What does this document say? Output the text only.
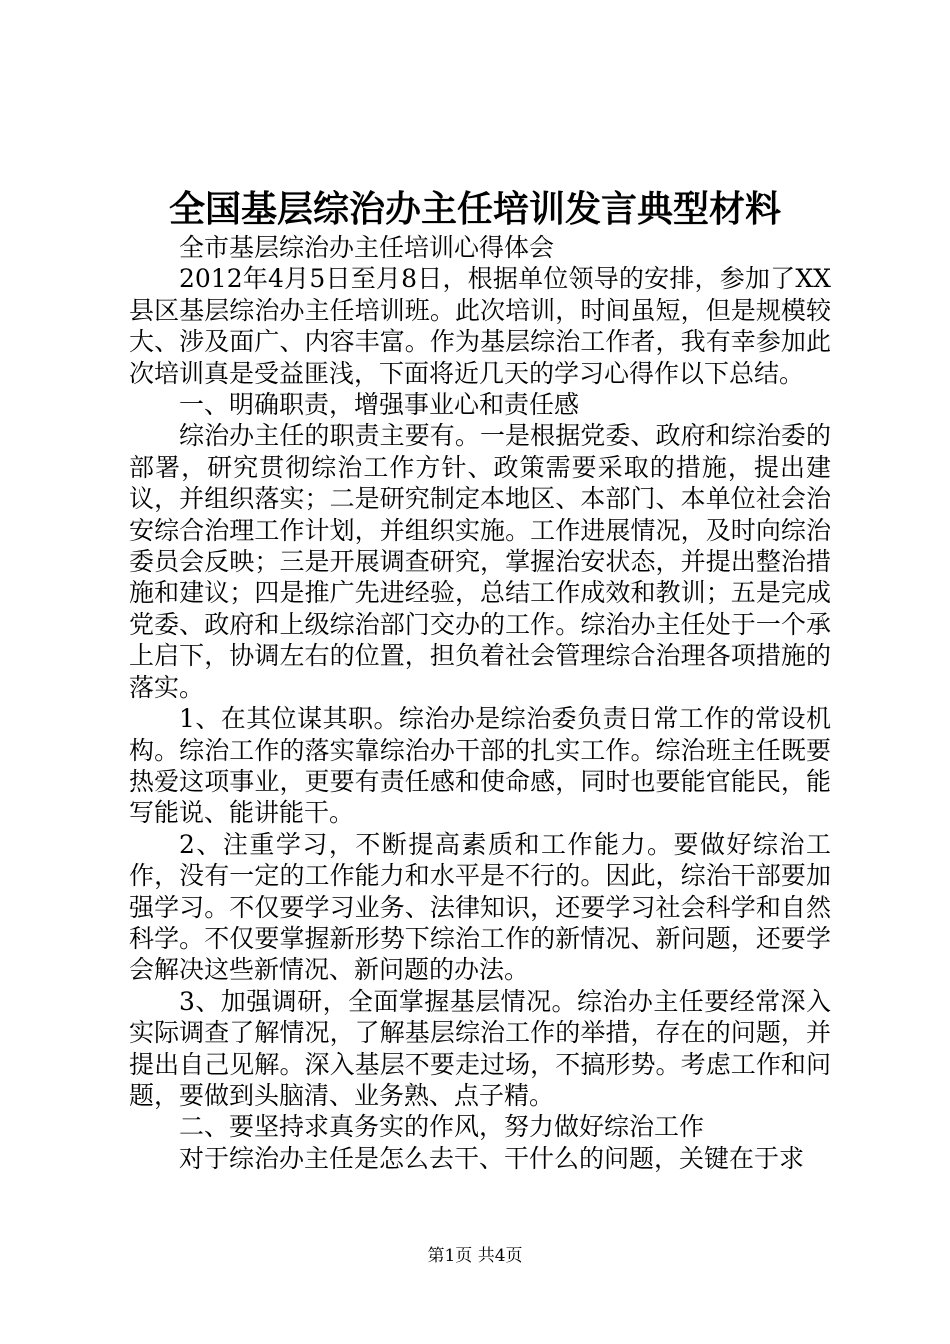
全国基层综治办主任培训发言典型材料

全市基层综治办主任培训心得体会

2012年4月5日至月8日，根据单位领导的安排，参加了XX县区基层综治办主任培训班。此次培训，时间虽短，但是规模较大、涉及面广、内容丰富。作为基层综治工作者，我有幸参加此次培训真是受益匪浅，下面将近几天的学习心得作以下总结。

一、明确职责，增强事业心和责任感

综治办主任的职责主要有。一是根据党委、政府和综治委的部署，研究贯彻综治工作方针、政策需要采取的措施，提出建议，并组织落实；二是研究制定本地区、本部门、本单位社会治安综合治理工作计划，并组织实施。工作进展情况，及时向综治委员会反映；三是开展调查研究，掌握治安状态，并提出整治措施和建议；四是推广先进经验，总结工作成效和教训；五是完成党委、政府和上级综治部门交办的工作。综治办主任处于一个承上启下，协调左右的位置，担负着社会管理综合治理各项措施的落实。

1、在其位谋其职。综治办是综治委负责日常工作的常设机构。综治工作的落实靠综治办干部的扎实工作。综治班主任既要热爱这项事业，更要有责任感和使命感，同时也要能官能民，能写能说、能讲能干。

2、注重学习，不断提高素质和工作能力。要做好综治工作，没有一定的工作能力和水平是不行的。因此，综治干部要加强学习。不仅要学习业务、法律知识，还要学习社会科学和自然科学。不仅要掌握新形势下综治工作的新情况、新问题，还要学会解决这些新情况、新问题的办法。

3、加强调研，全面掌握基层情况。综治办主任要经常深入实际调查了解情况，了解基层综治工作的举措，存在的问题，并提出自己见解。深入基层不要走过场，不搞形势。考虑工作和问题，要做到头脑清、业务熟、点子精。

二、要坚持求真务实的作风，努力做好综治工作

对于综治办主任是怎么去干、干什么的问题，关键在于求

第1页 共4页
